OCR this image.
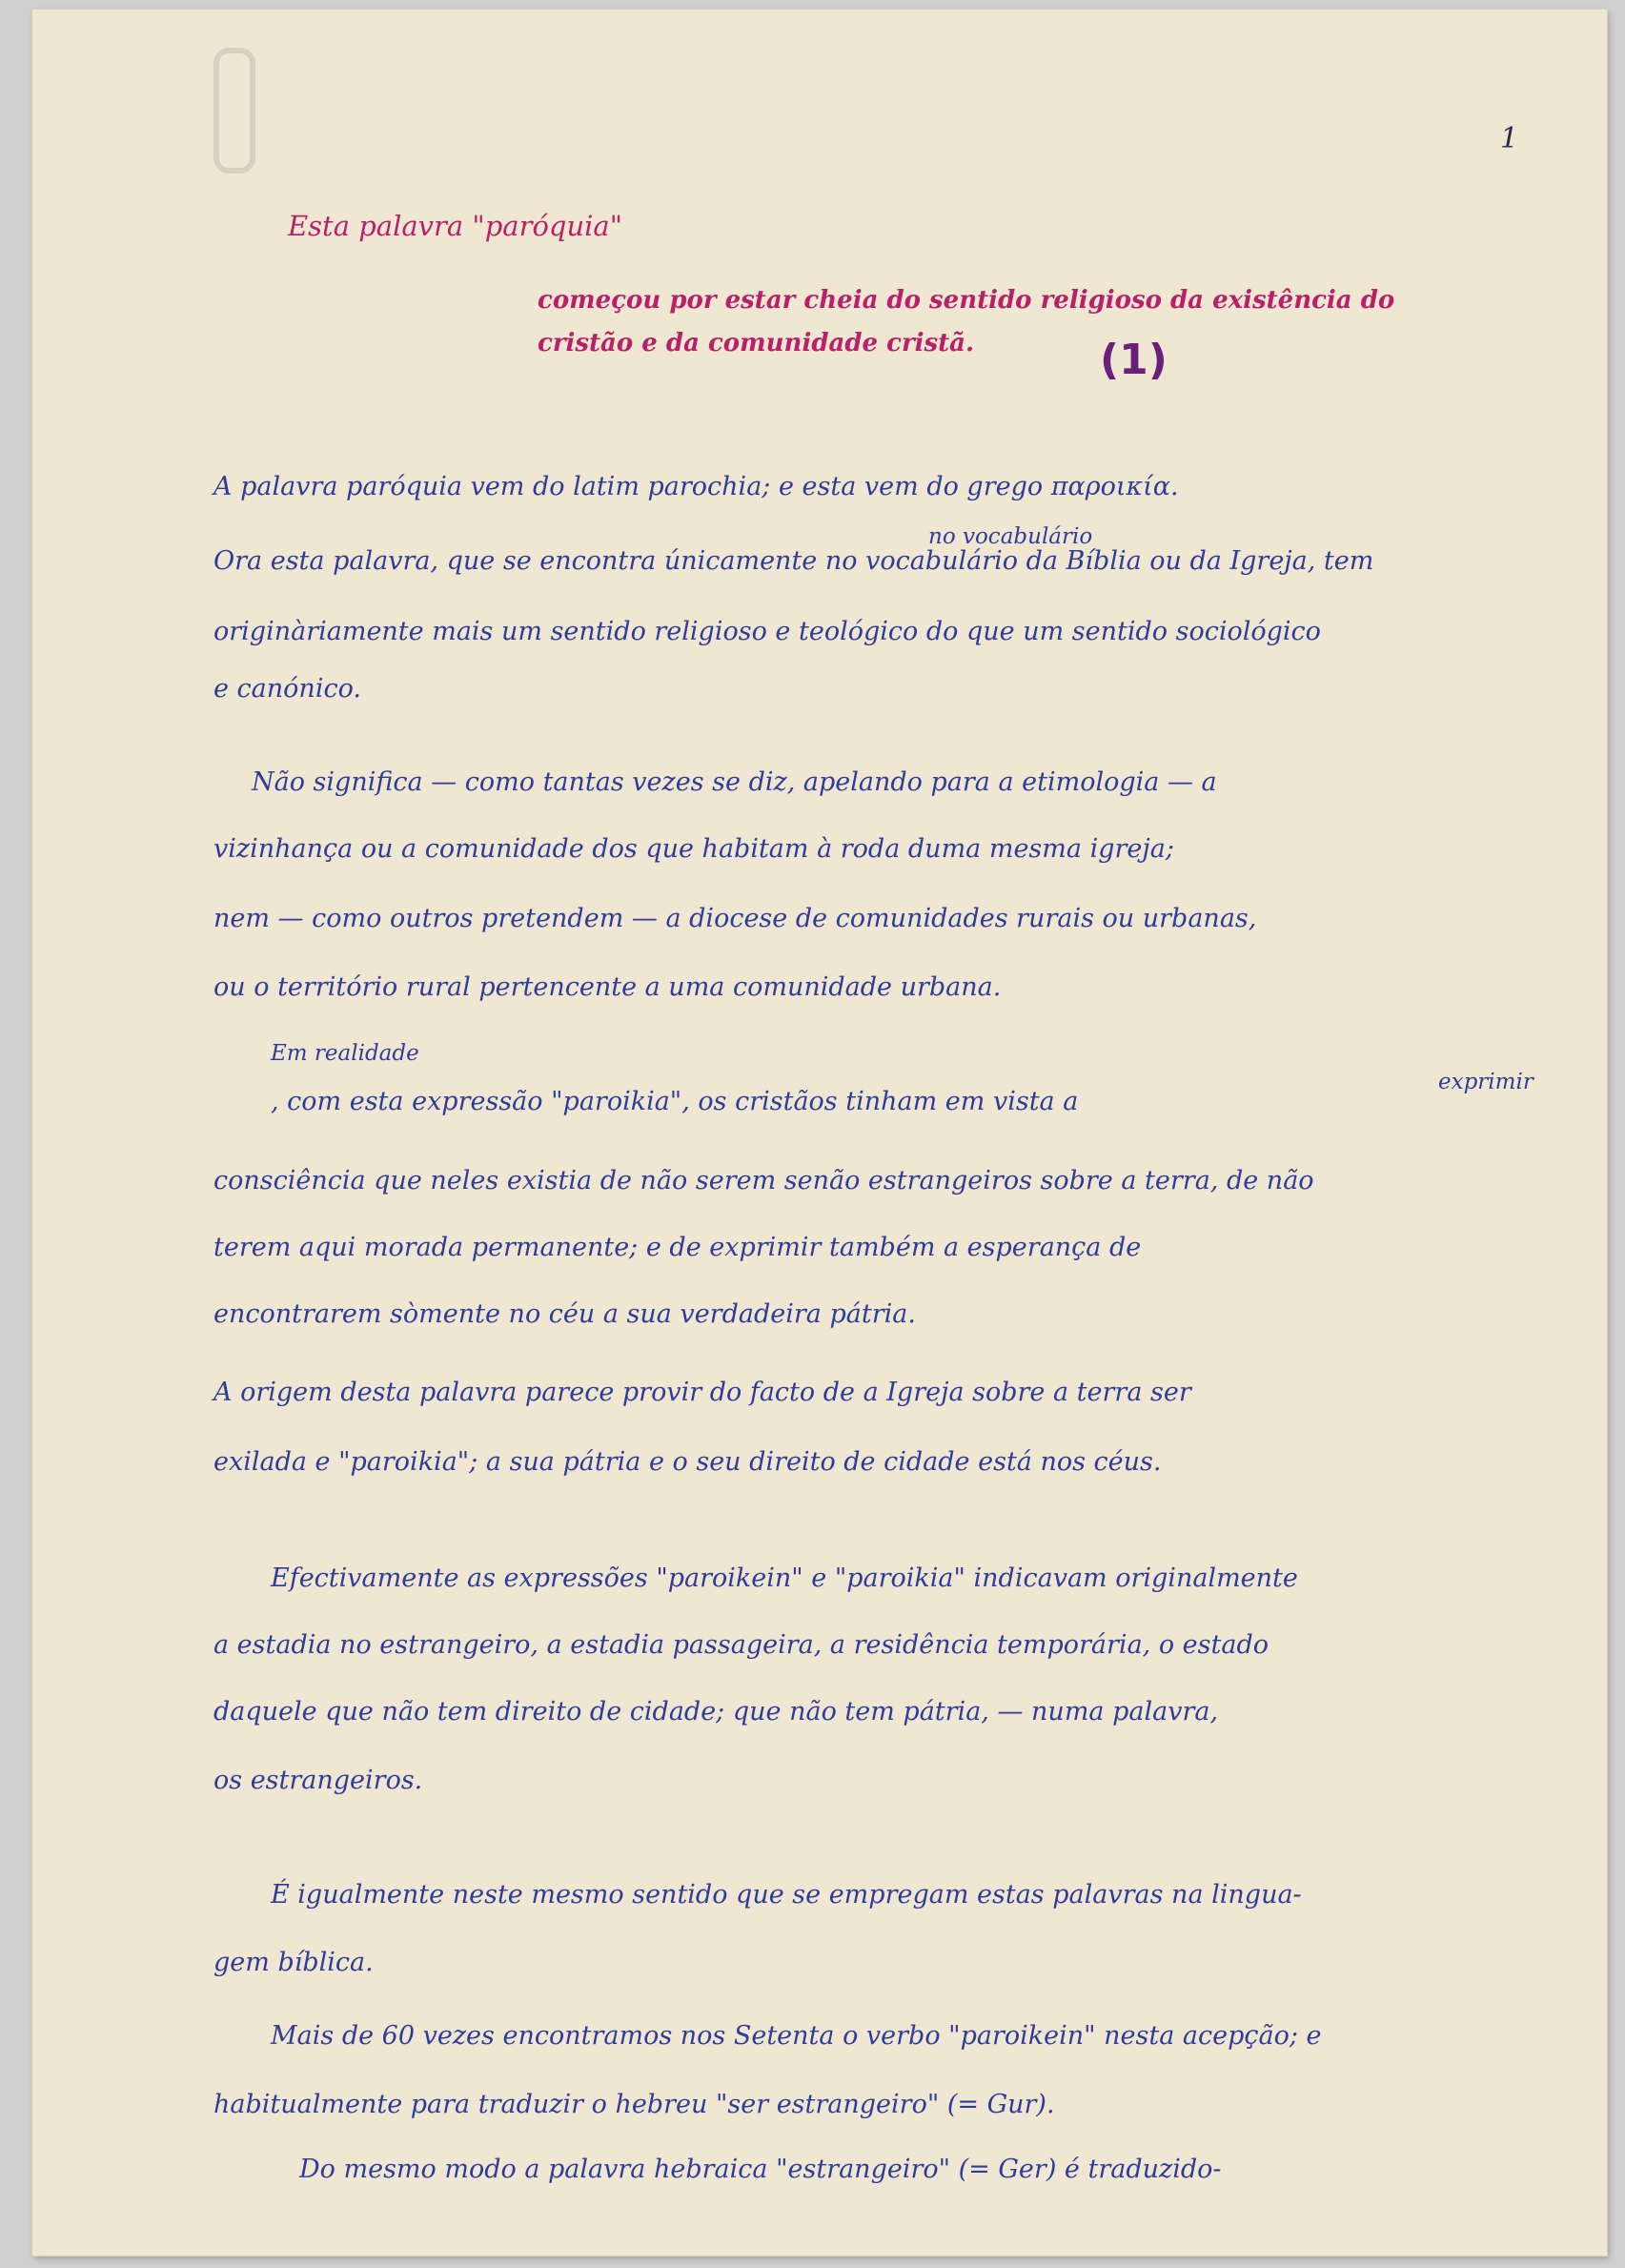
1
Esta palavra "paróquia"
começou por estar cheia do sentido religioso da existência do
cristão e da comunidade cristã.	(1)
no vocabulário
exprimir
Em realidade
A palavra paróquia vem do latim parochia; e esta vem do grego παροικία.
Ora esta palavra, que se encontra únicamente no vocabulário da Bíblia ou da Igreja, tem
originàriamente mais um sentido religioso e teológico do que um sentido sociológico
e canónico.
Não significa — como tantas vezes se diz, apelando para a etimologia — a
vizinhança ou a comunidade dos que habitam à roda duma mesma igreja;
nem — como outros pretendem — a diocese de comunidades rurais ou urbanas,
ou o território rural pertencente a uma comunidade urbana.
, com esta expressão "paroikia", os cristãos tinham em vista a
consciência que neles existia de não serem senão estrangeiros sobre a terra, de não
terem aqui morada permanente; e de exprimir também a esperança de
encontrarem sòmente no céu a sua verdadeira pátria.
A origem desta palavra parece provir do facto de a Igreja sobre a terra ser
exilada e "paroikia"; a sua pátria e o seu direito de cidade está nos céus.
Efectivamente as expressões "paroikein" e "paroikia" indicavam originalmente
a estadia no estrangeiro, a estadia passageira, a residência temporária, o estado
daquele que não tem direito de cidade; que não tem pátria, — numa palavra,
os estrangeiros.
É igualmente neste mesmo sentido que se empregam estas palavras na lingua-
gem bíblica.
Mais de 60 vezes encontramos nos Setenta o verbo "paroikein" nesta acepção; e
habitualmente para traduzir o hebreu "ser estrangeiro" (= Gur).
Do mesmo modo a palavra hebraica "estrangeiro" (= Ger) é traduzido-
